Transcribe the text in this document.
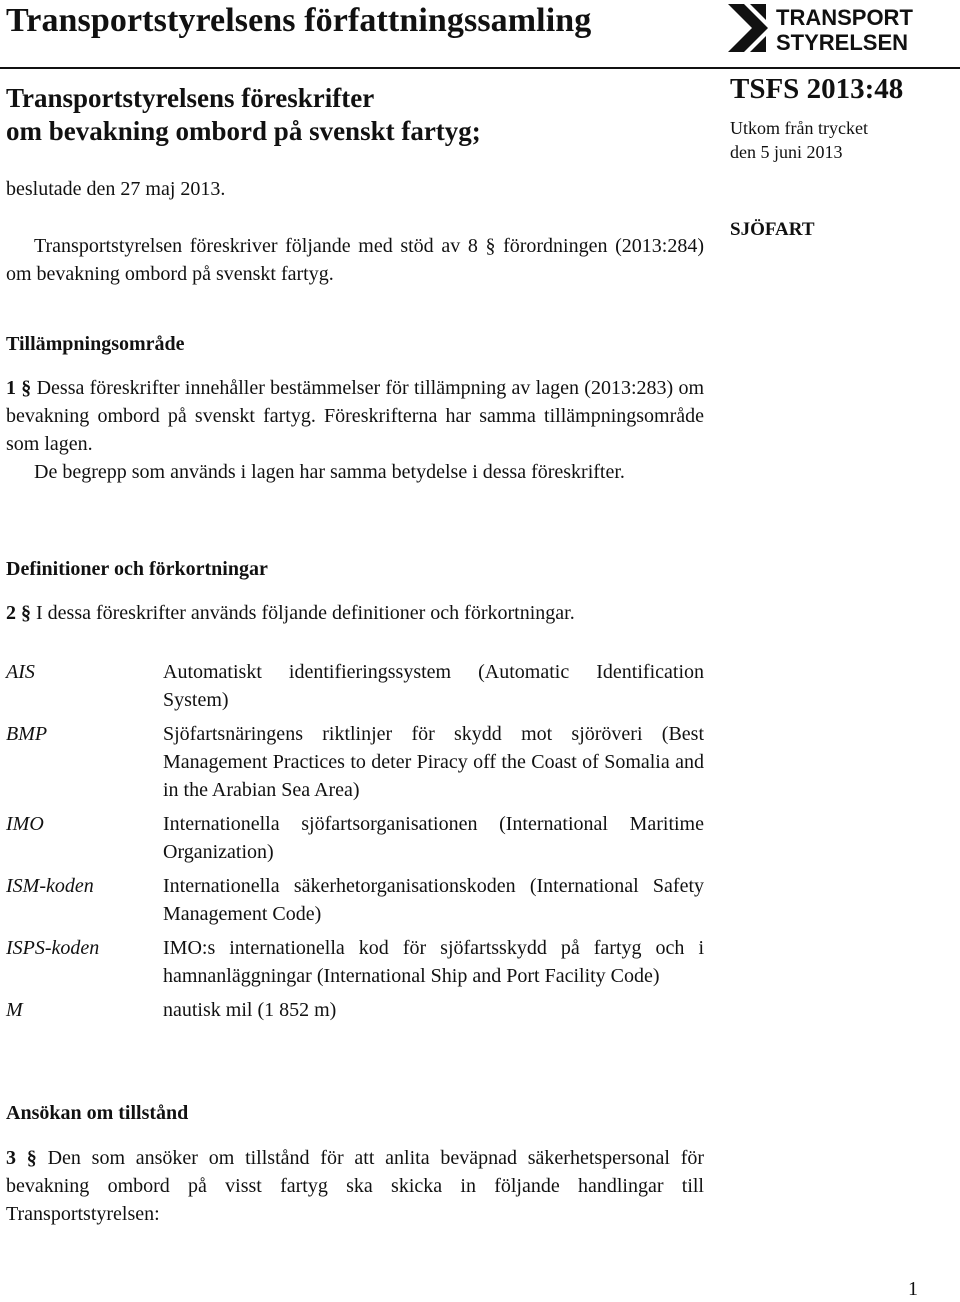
Transportstyrelsens författningssamling	TRANSPORT
STYRELSEN
Transportstyrelsens föreskrifter
om bevakning ombord på svenskt fartyg;
TSFS 2013:48
Utkom från trycket
den 5 juni 2013
SJÖFART
beslutade den 27 maj 2013.
Transportstyrelsen föreskriver följande med stöd av 8 § förordningen (2013:284) om bevakning ombord på svenskt fartyg.
Tillämpningsområde
1 § Dessa föreskrifter innehåller bestämmelser för tillämpning av lagen (2013:283) om bevakning ombord på svenskt fartyg. Föreskrifterna har samma tillämpningsområde som lagen.
De begrepp som används i lagen har samma betydelse i dessa föreskrifter.
Definitioner och förkortningar
2 § I dessa föreskrifter används följande definitioner och förkortningar.
AIS	Automatiskt identifieringssystem (Automatic Identification System)
BMP	Sjöfartsnäringens riktlinjer för skydd mot sjöröveri (Best Management Practices to deter Piracy off the Coast of Somalia and in the Arabian Sea Area)
IMO	Internationella sjöfartsorganisationen (International Maritime Organization)
ISM-koden	Internationella säkerhetorganisationskoden (International Safety Management Code)
ISPS-koden	IMO:s internationella kod för sjöfartsskydd på fartyg och i hamnanläggningar (International Ship and Port Facility Code)
M	nautisk mil (1 852 m)
Ansökan om tillstånd
3 § Den som ansöker om tillstånd för att anlita beväpnad säkerhetspersonal för bevakning ombord på visst fartyg ska skicka in följande handlingar till Transportstyrelsen:
1
